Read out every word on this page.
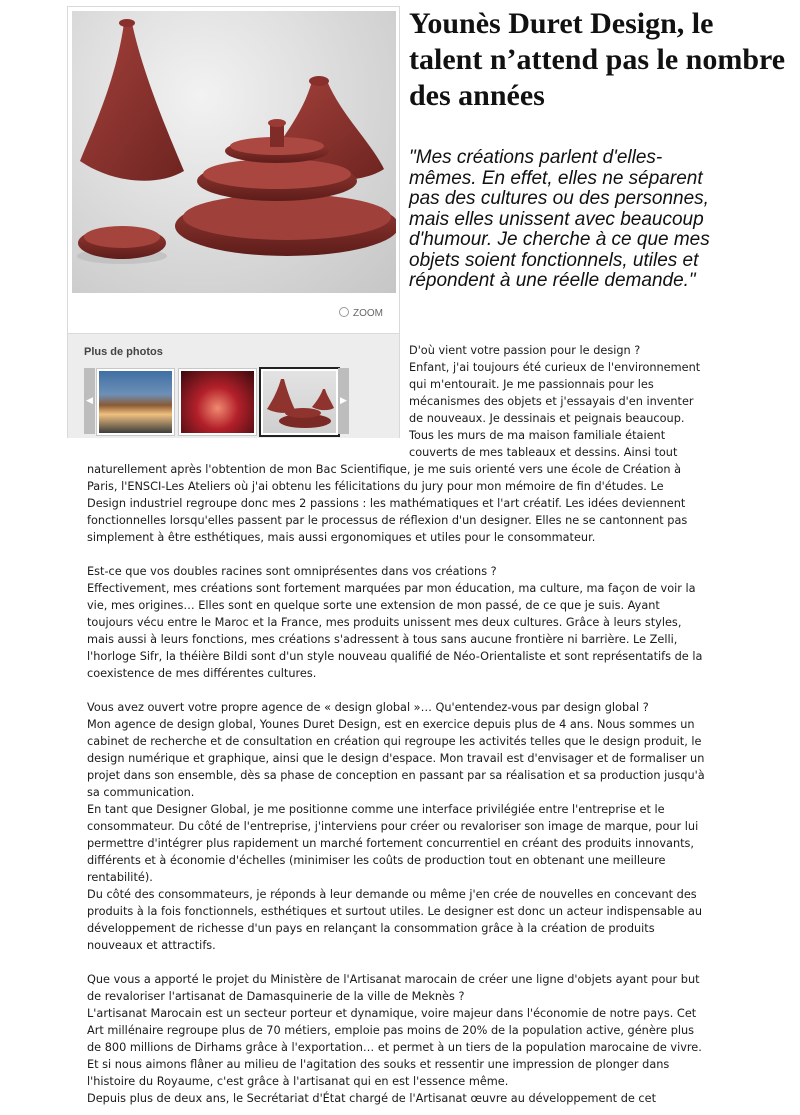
ZOOM
Plus de photos
◀	▶
Younès Duret Design, le talent n’attend pas le nombre des années

"Mes créations parlent d'elles-mêmes. En effet, elles ne séparent pas des cultures ou des personnes, mais elles unissent avec beaucoup d'humour. Je cherche à ce que mes objets soient fonctionnels, utiles et répondent à une réelle demande."

D'où vient votre passion pour le design ?

Enfant, j'ai toujours été curieux de l'environnement

qui m'entourait. Je me passionnais pour les

mécanismes des objets et j'essayais d'en inventer

de nouveaux. Je dessinais et peignais beaucoup.

Tous les murs de ma maison familiale étaient

couverts de mes tableaux et dessins. Ainsi tout

naturellement après l'obtention de mon Bac Scientifique, je me suis orienté vers une école de Création à

Paris, l'ENSCI-Les Ateliers où j'ai obtenu les félicitations du jury pour mon mémoire de fin d'études. Le

Design industriel regroupe donc mes 2 passions : les mathématiques et l'art créatif. Les idées deviennent

fonctionnelles lorsqu'elles passent par le processus de réflexion d'un designer. Elles ne se cantonnent pas

simplement à être esthétiques, mais aussi ergonomiques et utiles pour le consommateur.

Est-ce que vos doubles racines sont omniprésentes dans vos créations ?

Effectivement, mes créations sont fortement marquées par mon éducation, ma culture, ma façon de voir la

vie, mes origines… Elles sont en quelque sorte une extension de mon passé, de ce que je suis. Ayant

toujours vécu entre le Maroc et la France, mes produits unissent mes deux cultures. Grâce à leurs styles,

mais aussi à leurs fonctions, mes créations s'adressent à tous sans aucune frontière ni barrière. Le Zelli,

l'horloge Sifr, la théière Bildi sont d'un style nouveau qualifié de Néo-Orientaliste et sont représentatifs de la

coexistence de mes différentes cultures.

Vous avez ouvert votre propre agence de « design global »… Qu'entendez-vous par design global ?

Mon agence de design global, Younes Duret Design, est en exercice depuis plus de 4 ans. Nous sommes un

cabinet de recherche et de consultation en création qui regroupe les activités telles que le design produit, le

design numérique et graphique, ainsi que le design d'espace. Mon travail est d'envisager et de formaliser un

projet dans son ensemble, dès sa phase de conception en passant par sa réalisation et sa production jusqu'à

sa communication.

En tant que Designer Global, je me positionne comme une interface privilégiée entre l'entreprise et le

consommateur. Du côté de l'entreprise, j'interviens pour créer ou revaloriser son image de marque, pour lui

permettre d'intégrer plus rapidement un marché fortement concurrentiel en créant des produits innovants,

différents et à économie d'échelles (minimiser les coûts de production tout en obtenant une meilleure

rentabilité).

Du côté des consommateurs, je réponds à leur demande ou même j'en crée de nouvelles en concevant des

produits à la fois fonctionnels, esthétiques et surtout utiles. Le designer est donc un acteur indispensable au

développement de richesse d'un pays en relançant la consommation grâce à la création de produits

nouveaux et attractifs.

Que vous a apporté le projet du Ministère de l'Artisanat marocain de créer une ligne d'objets ayant pour but

de revaloriser l'artisanat de Damasquinerie de la ville de Meknès ?

L'artisanat Marocain est un secteur porteur et dynamique, voire majeur dans l'économie de notre pays. Cet

Art millénaire regroupe plus de 70 métiers, emploie pas moins de 20% de la population active, génère plus

de 800 millions de Dirhams grâce à l'exportation… et permet à un tiers de la population marocaine de vivre.

Et si nous aimons flâner au milieu de l'agitation des souks et ressentir une impression de plonger dans

l'histoire du Royaume, c'est grâce à l'artisanat qui en est l'essence même.

Depuis plus de deux ans, le Secrétariat d'État chargé de l'Artisanat œuvre au développement de cet
